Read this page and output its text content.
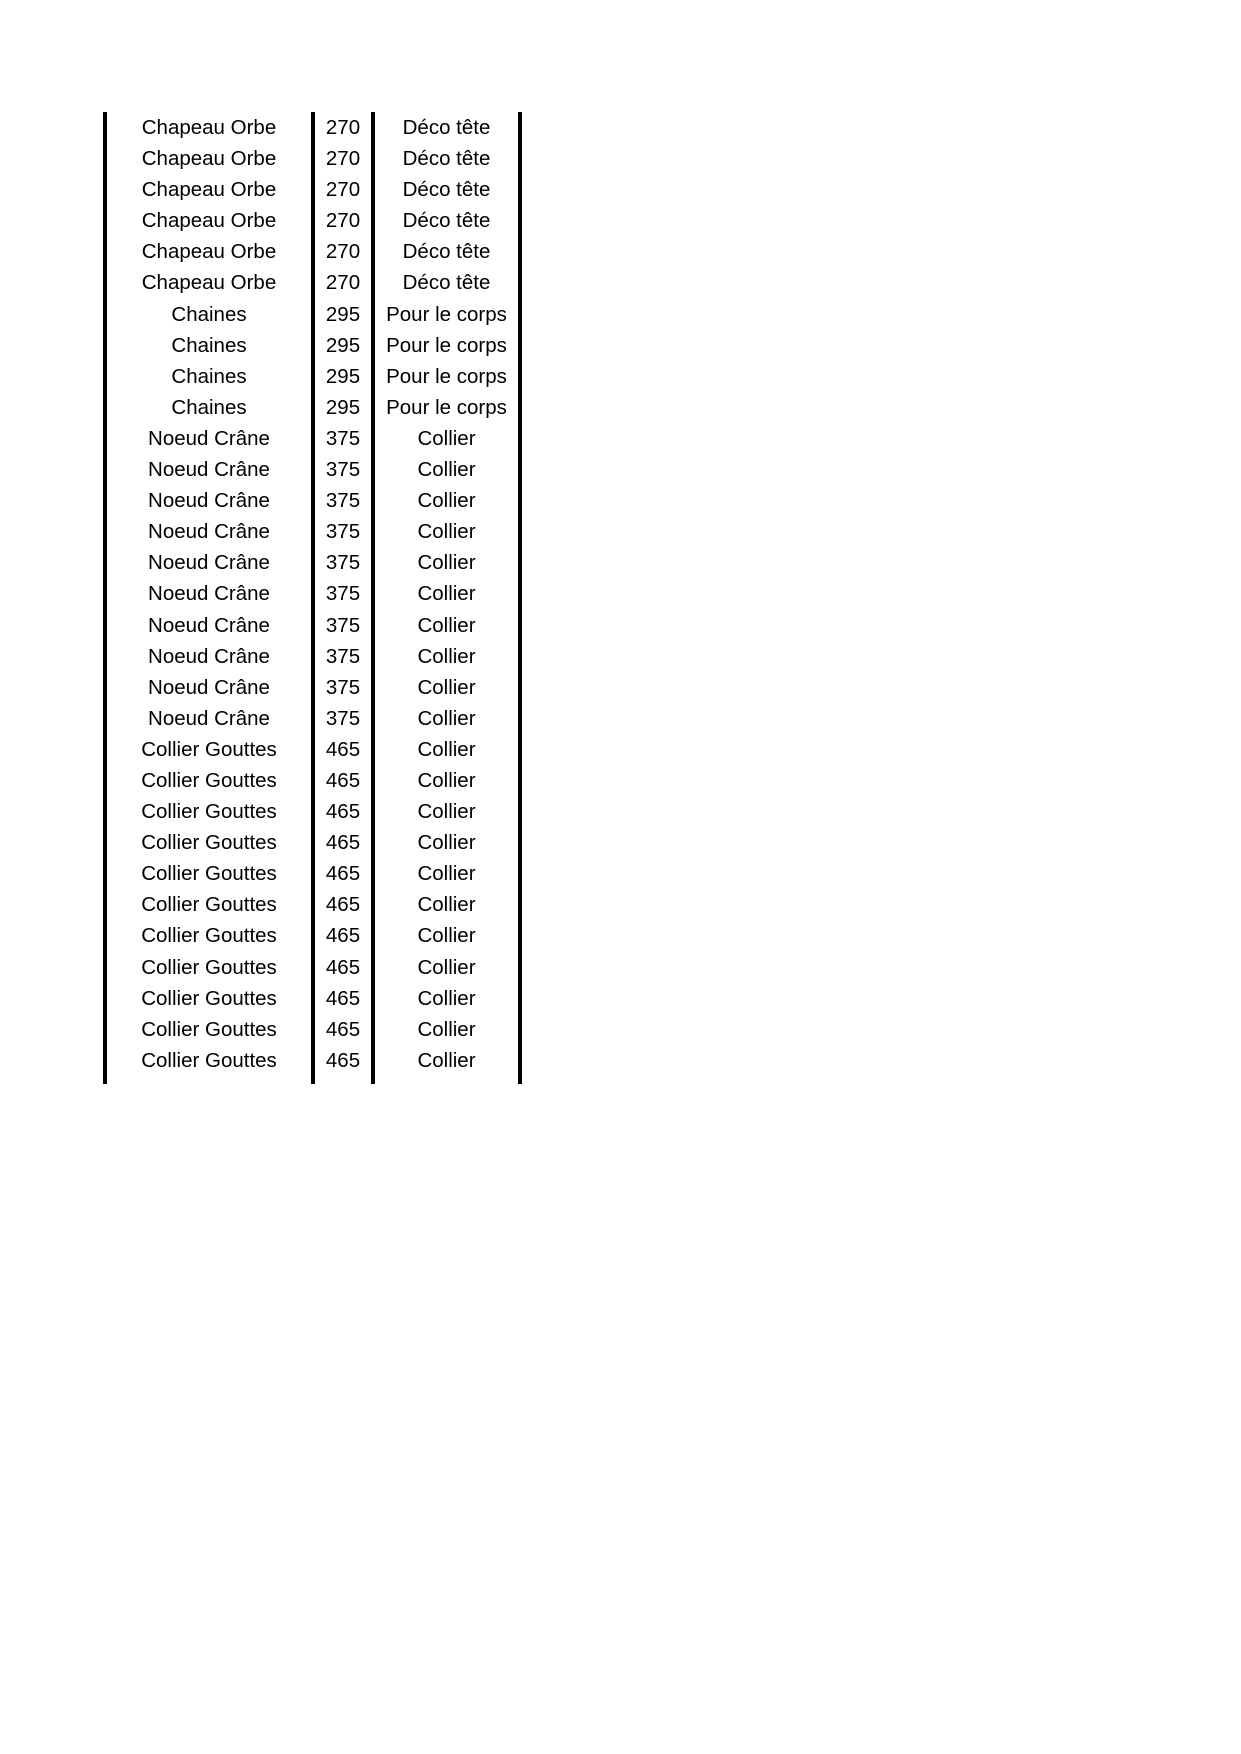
Chapeau Orbe	270	Déco tête
Chapeau Orbe	270	Déco tête
Chapeau Orbe	270	Déco tête
Chapeau Orbe	270	Déco tête
Chapeau Orbe	270	Déco tête
Chapeau Orbe	270	Déco tête
Chaines	295	Pour le corps
Chaines	295	Pour le corps
Chaines	295	Pour le corps
Chaines	295	Pour le corps
Noeud Crâne	375	Collier
Noeud Crâne	375	Collier
Noeud Crâne	375	Collier
Noeud Crâne	375	Collier
Noeud Crâne	375	Collier
Noeud Crâne	375	Collier
Noeud Crâne	375	Collier
Noeud Crâne	375	Collier
Noeud Crâne	375	Collier
Noeud Crâne	375	Collier
Collier Gouttes	465	Collier
Collier Gouttes	465	Collier
Collier Gouttes	465	Collier
Collier Gouttes	465	Collier
Collier Gouttes	465	Collier
Collier Gouttes	465	Collier
Collier Gouttes	465	Collier
Collier Gouttes	465	Collier
Collier Gouttes	465	Collier
Collier Gouttes	465	Collier
Collier Gouttes	465	Collier
